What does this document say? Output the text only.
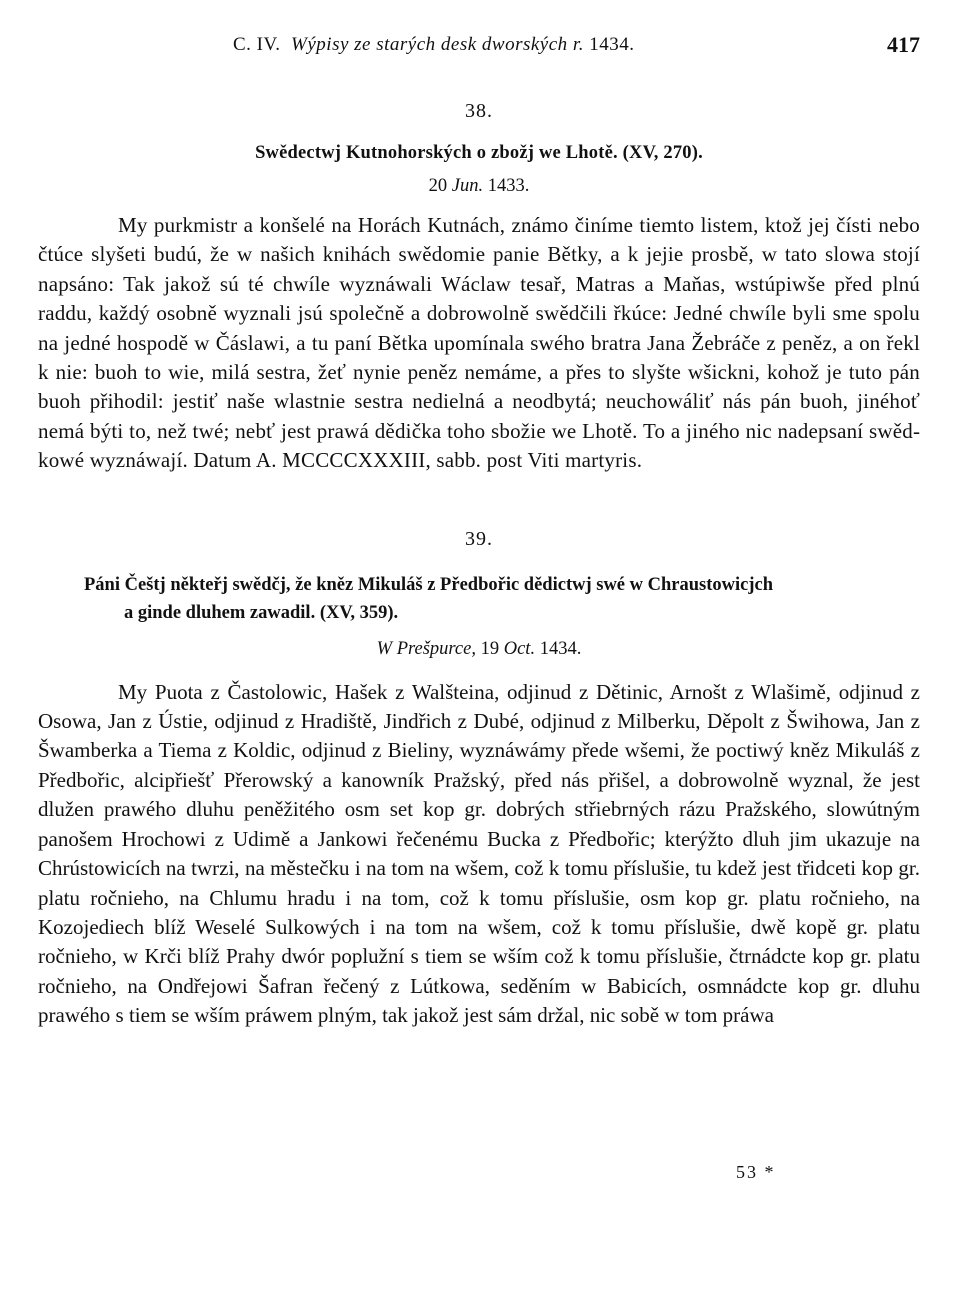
C. IV. Wýpisy ze starých desk dworských r. 1434.	417
38.
Swědectwj Kutnohorských o zbožj we Lhotě. (XV, 270).
20 Jun. 1433.

My purkmistr a konšelé na Horách Kutnách, známo činíme tiemto listem, ktož jej čísti nebo čtúce slyšeti budú, že w našich knihách swědomie panie Bětky, a k jejie prosbě, w tato slowa stojí napsáno: Tak jakož sú té chwíle wyznáwali Wáclaw tesař, Matras a Maňas, wstúpiwše před plnú raddu, každý osobně wyznali jsú společně a dobrowolně swědčili řkúce: Jedné chwíle byli sme spolu na jedné hospodě w Čáslawi, a tu paní Bětka upomínala swého bratra Jana Žebráče z peněz, a on řekl k nie: buoh to wie, milá sestra, žeť nynie peněz nemáme, a přes to slyšte wšickni, kohož je tuto pán buoh přihodil: jestiť naše wlastnie sestra nedielná a neodbytá; neuchowáliť nás pán buoh, jinéhoť nemá býti to, než twé; nebť jest prawá dědička toho sbožie we Lhotě. To a jiného nic nadepsaní swědkowé wyznáwají. Datum A. MCCCCXXXIII, sabb. post Viti martyris.

39.
Páni Češtj někteřj swědčj, že kněz Mikuláš z Předbořic dědictwj swé w Chraustowicjch
a ginde dluhem zawadil. (XV, 359).
W Prešpurce, 19 Oct. 1434.

My Puota z Častolowic, Hašek z Walšteina, odjinud z Dětinic, Arnošt z Wlašimě, odjinud z Osowa, Jan z Ústie, odjinud z Hradiště, Jindřich z Dubé, odjinud z Milberku, Děpolt z Šwihowa, Jan z Šwamberka a Tiema z Koldic, odjinud z Bieliny, wyznáwámy přede wšemi, že poctiwý kněz Mikuláš z Předbořic, alcipřiešť Přerowský a kanowník Pražský, před nás přišel, a dobrowolně wyznal, že jest dlužen prawého dluhu peněžitého osm set kop gr. dobrých střiebrných rázu Pražského, slowútným panošem Hrochowi z Udimě a Jankowi řečenému Bucka z Předbořic; kterýžto dluh jim ukazuje na Chrústowicích na twrzi, na městečku i na tom na wšem, což k tomu příslušie, tu kdež jest třidceti kop gr. platu ročnieho, na Chlumu hradu i na tom, což k tomu příslušie, osm kop gr. platu ročnieho, na Kozojediech blíž Weselé Sulkowých i na tom na wšem, což k tomu příslušie, dwě kopě gr. platu ročnieho, w Krči blíž Prahy dwór poplužní s tiem se wším což k tomu příslušie, čtrnádcte kop gr. platu ročnieho, na Ondřejowi Šafran řečený z Lútkowa, seděním w Babicích, osmnádcte kop gr. dluhu prawého s tiem se wším práwem plným, tak jakož jest sám držal, nic sobě w tom práwa

53 *
